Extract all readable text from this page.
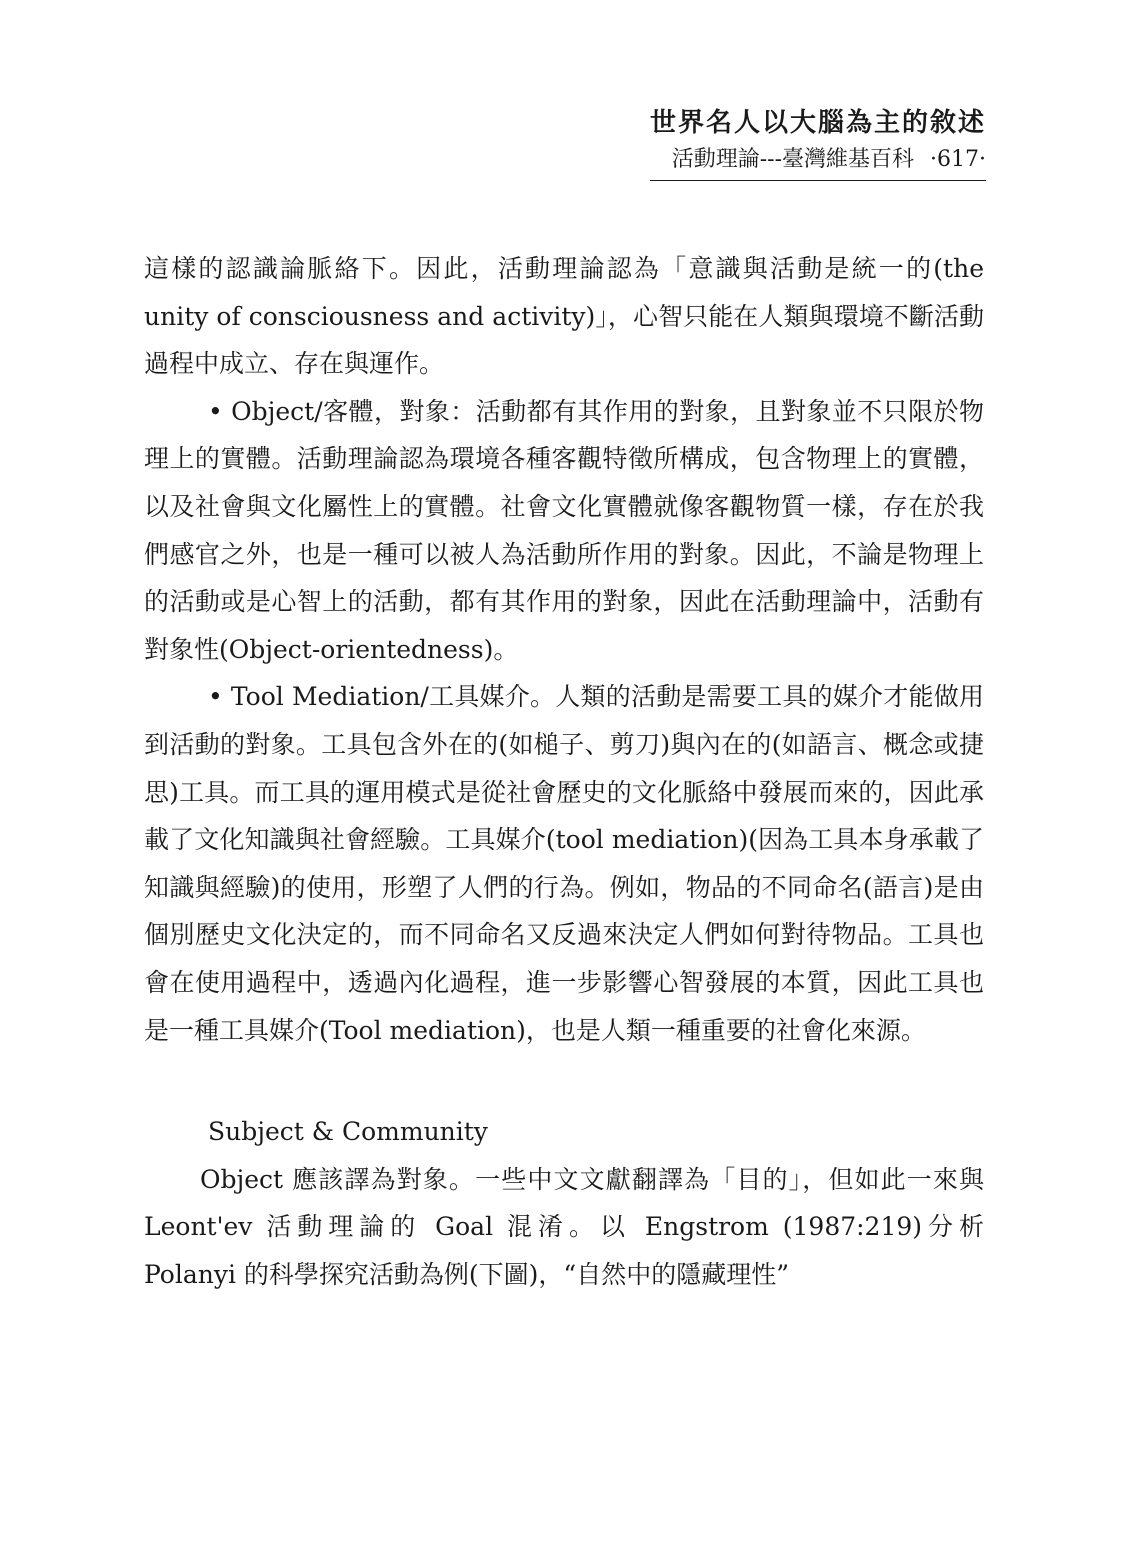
世界名人以大腦為主的敘述
活動理論---臺灣維基百科 ·617·

這樣的認識論脈絡下。因此，活動理論認為「意識與活動是統一的(the unity of consciousness and activity)」，心智只能在人類與環境不斷活動過程中成立、存在與運作。

• Object/客體，對象：活動都有其作用的對象，且對象並不只限於物理上的實體。活動理論認為環境各種客觀特徵所構成，包含物理上的實體，以及社會與文化屬性上的實體。社會文化實體就像客觀物質一樣，存在於我們感官之外，也是一種可以被人為活動所作用的對象。因此，不論是物理上的活動或是心智上的活動，都有其作用的對象，因此在活動理論中，活動有對象性(Object-orientedness)。

• Tool Mediation/工具媒介。人類的活動是需要工具的媒介才能做用到活動的對象。工具包含外在的(如槌子、剪刀)與內在的(如語言、概念或捷思)工具。而工具的運用模式是從社會歷史的文化脈絡中發展而來的，因此承載了文化知識與社會經驗。工具媒介(tool mediation)(因為工具本身承載了知識與經驗)的使用，形塑了人們的行為。例如，物品的不同命名(語言)是由個別歷史文化決定的，而不同命名又反過來決定人們如何對待物品。工具也會在使用過程中，透過內化過程，進一步影響心智發展的本質，因此工具也是一種工具媒介(Tool mediation)，也是人類一種重要的社會化來源。

Subject & Community

Object 應該譯為對象。一些中文文獻翻譯為「目的」，但如此一來與 Leont'ev 活動理論的 Goal 混淆。以 Engstrom (1987:219)分析 Polanyi 的科學探究活動為例(下圖)，“自然中的隱藏理性”
